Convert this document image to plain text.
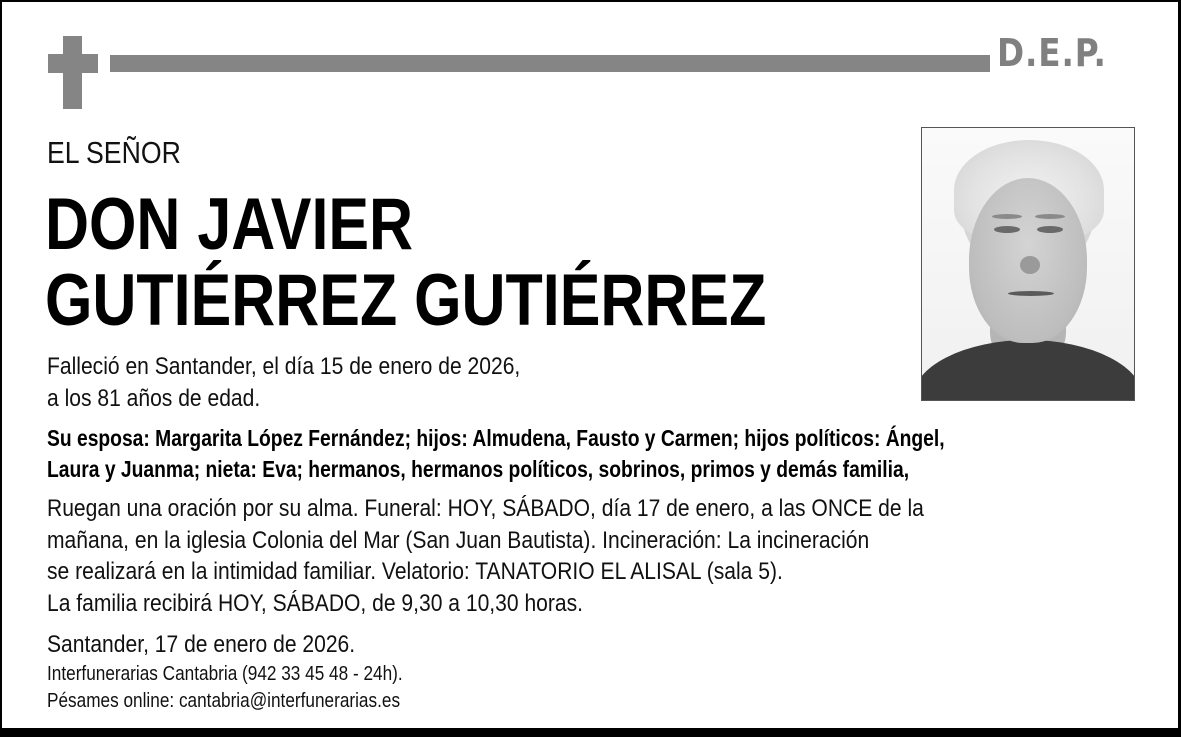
D.E.P.
EL SEÑOR
DON JAVIER
GUTIÉRREZ GUTIÉRREZ
Falleció en Santander, el día 15 de enero de 2026,
a los 81 años de edad.
Su esposa: Margarita López Fernández; hijos: Almudena, Fausto y Carmen; hijos políticos: Ángel,
Laura y Juanma; nieta: Eva; hermanos, hermanos políticos, sobrinos, primos y demás familia,
Ruegan una oración por su alma. Funeral: HOY, SÁBADO, día 17 de enero, a las ONCE de la
mañana, en la iglesia Colonia del Mar (San Juan Bautista). Incineración: La incineración
se realizará en la intimidad familiar. Velatorio: TANATORIO EL ALISAL (sala 5).
La familia recibirá HOY, SÁBADO, de 9,30 a 10,30 horas.
Santander, 17 de enero de 2026.
Interfunerarias Cantabria (942 33 45 48 - 24h).
Pésames online: cantabria@interfunerarias.es
